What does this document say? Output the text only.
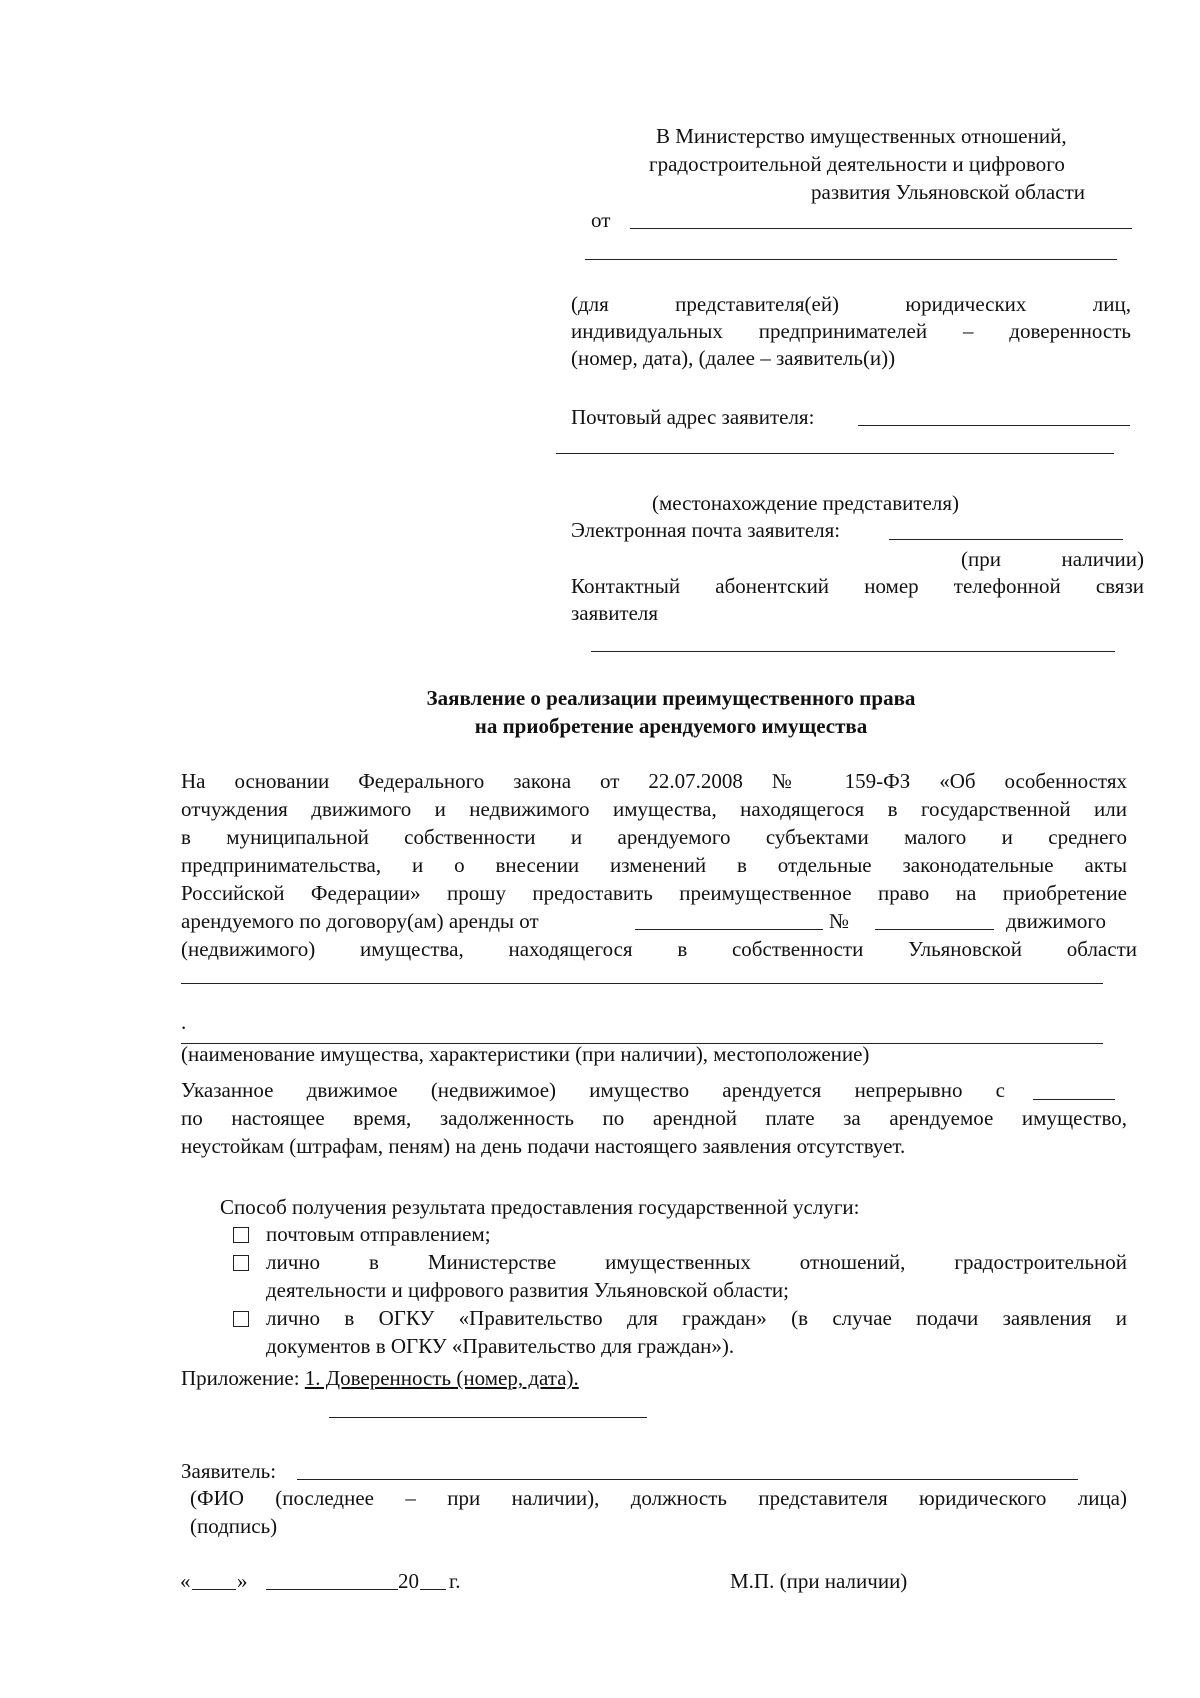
В Министерство имущественных отношений,
градостроительной деятельности и цифрового
развития Ульяновской области
от
(для	представителя(ей)	юридических	лиц,
индивидуальных предпринимателей – доверенность
(номер, дата), (далее – заявитель(и))
Почтовый адрес заявителя:
(местонахождение представителя)
Электронная почта заявителя:
(при	наличии)
Контактный абонентский номер телефонной связи
заявителя
Заявление о реализации преимущественного права
на приобретение арендуемого имущества
На основании Федерального закона от 22.07.2008 № 159-ФЗ «Об особенностях
отчуждения движимого и недвижимого имущества, находящегося в государственной или
в муниципальной собственности и арендуемого субъектами малого и среднего
предпринимательства, и о внесении изменений в отдельные законодательные акты
Российской Федерации» прошу предоставить преимущественное право на приобретение
арендуемого по договору(ам) аренды от	№	движимого
(недвижимого) имущества, находящегося в собственности Ульяновской области
.
(наименование имущества, характеристики (при наличии), местоположение)
Указанное движимое (недвижимое) имущество арендуется непрерывно с
по настоящее время, задолженность по арендной плате за арендуемое имущество,
неустойкам (штрафам, пеням) на день подачи настоящего заявления отсутствует.
Способ получения результата предоставления государственной услуги:
почтовым отправлением;
лично в Министерстве имущественных отношений, градостроительной
деятельности и цифрового развития Ульяновской области;
лично в ОГКУ «Правительство для граждан» (в случае подачи заявления и
документов в ОГКУ «Правительство для граждан»).
Приложение: 1. Доверенность (номер, дата).
Заявитель:
(ФИО (последнее – при наличии), должность представителя юридического лица)
(подпись)
« »	20 г.	М.П. (при наличии)
